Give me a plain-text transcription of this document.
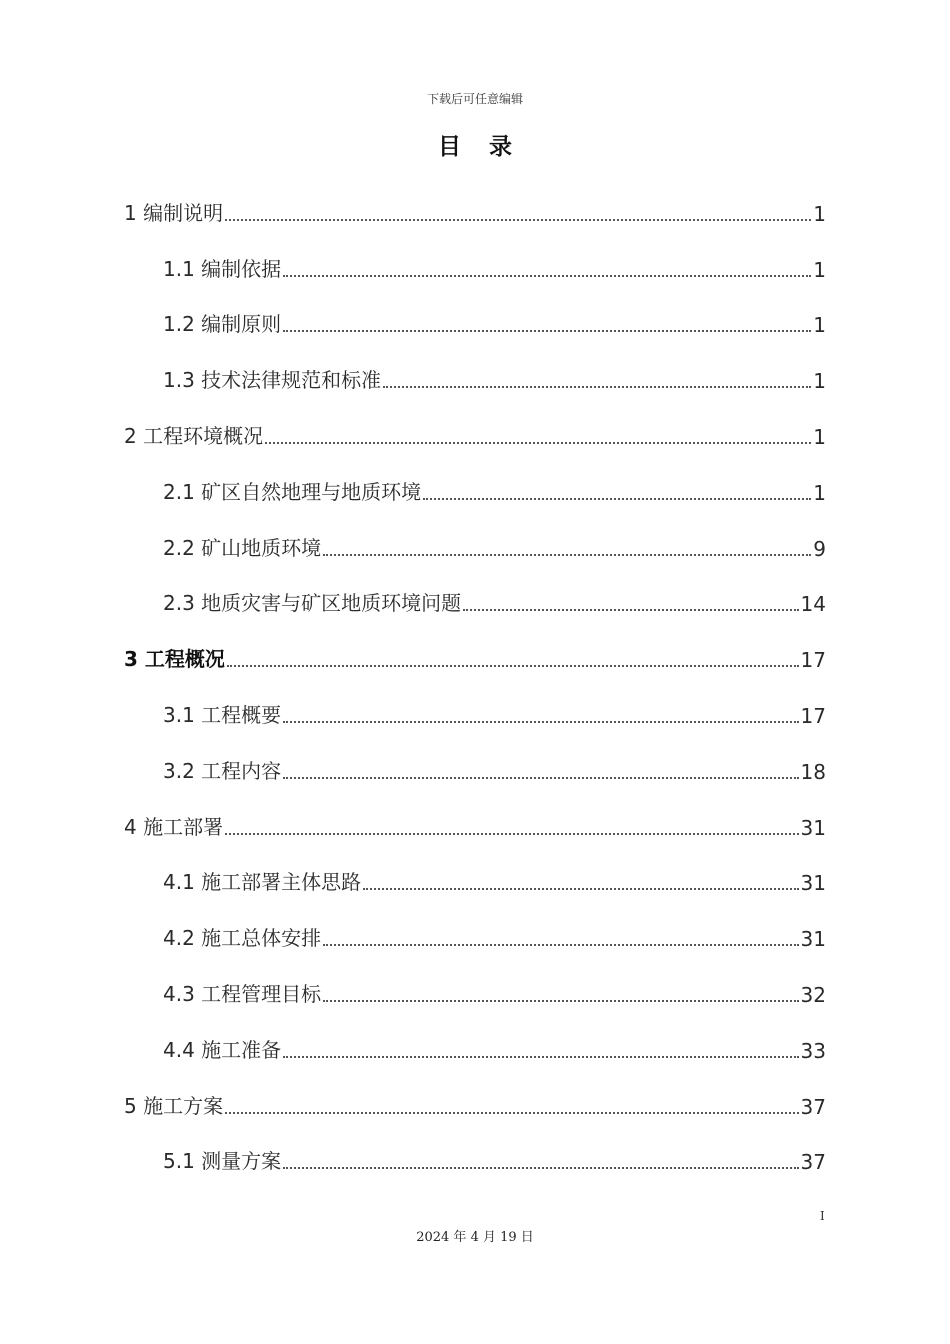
下载后可任意编辑
目录
1 编制说明	1
1.1 编制依据	1
1.2 编制原则	1
1.3 技术法律规范和标准	1
2 工程环境概况	1
2.1 矿区自然地理与地质环境	1
2.2 矿山地质环境	9
2.3 地质灾害与矿区地质环境问题	14
3 工程概况	17
3.1 工程概要	17
3.2 工程内容	18
4 施工部署	31
4.1 施工部署主体思路	31
4.2 施工总体安排	31
4.3 工程管理目标	32
4.4 施工准备	33
5 施工方案	37
5.1 测量方案	37
I
2024 年 4 月 19 日
